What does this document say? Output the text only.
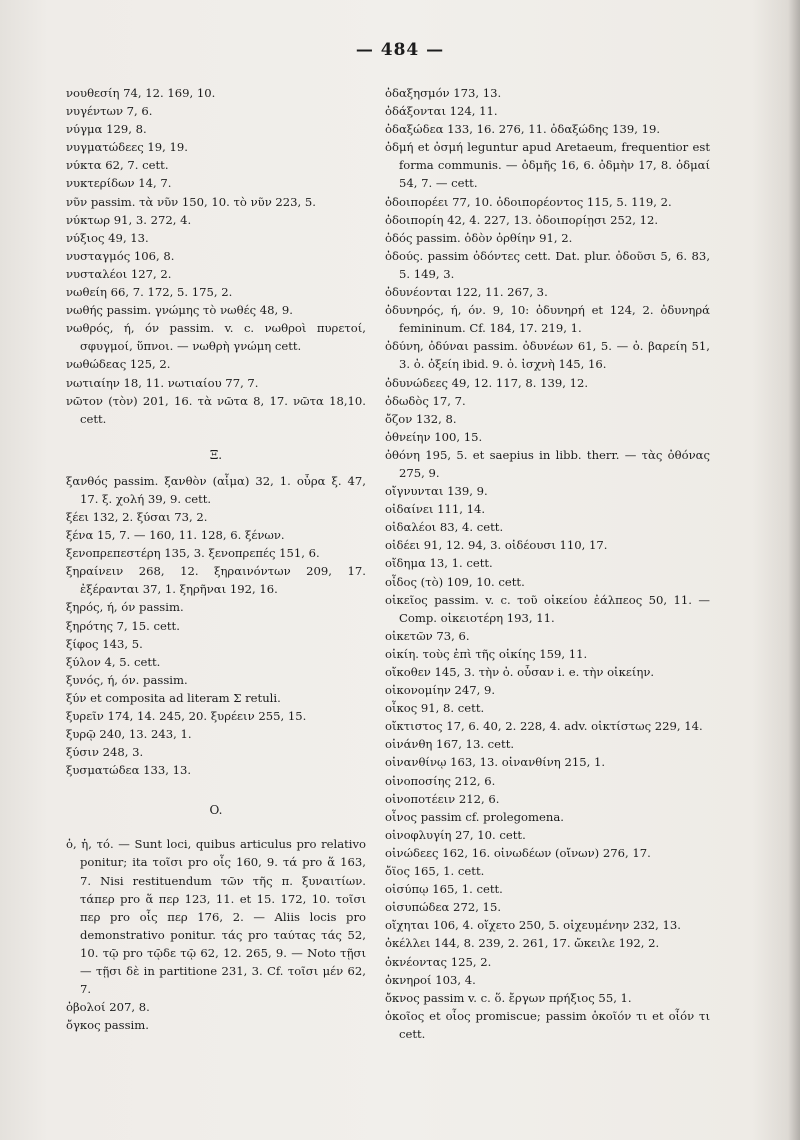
— 484 —

νουθεσίη 74, 12. 169, 10.

νυγέντων 7, 6.

νύγμα 129, 8.

νυγματώδεες 19, 19.

νύκτα 62, 7. cett.

νυκτερίδων 14, 7.

νῦν passim. τὰ νῦν 150, 10. τὸ νῦν 223, 5.

νύκτωρ 91, 3. 272, 4.

νύξιος 49, 13.

νυσταγμός 106, 8.

νυσταλέοι 127, 2.

νωθείη 66, 7. 172, 5. 175, 2.

νωθής passim. γνώμης τὸ νωθές 48, 9.

νωθρός, ή, όν passim. v. c. νωθροὶ πυρετοί, σφυγμοί, ὕπνοι. — νωθρὴ γνώμη cett.

νωθώδεας 125, 2.

νωτιαίην 18, 11. νωτιαίου 77, 7.

νῶτον (τὸν) 201, 16. τὰ νῶτα 8, 17. νῶτα 18,10. cett.

Ξ.

ξανθός passim. ξανθὸν (αἷμα) 32, 1. οὖρα ξ. 47, 17. ξ. χολή 39, 9. cett.

ξέει 132, 2. ξύσαι 73, 2.

ξένα 15, 7. — 160, 11. 128, 6. ξένων.

ξενοπρεπεστέρη 135, 3. ξενοπρεπές 151, 6.

ξηραίνειν 268, 12. ξηραινόντων 209, 17. ἐξέρανται 37, 1. ξηρῆναι 192, 16.

ξηρός, ή, όν passim.

ξηρότης 7, 15. cett.

ξίφος 143, 5.

ξύλον 4, 5. cett.

ξυνός, ή, όν. passim.

ξύν et composita ad literam Σ retuli.

ξυρεῖν 174, 14. 245, 20. ξυρέειν 255, 15.

ξυρῷ 240, 13. 243, 1.

ξύσιν 248, 3.

ξυσματώδεα 133, 13.

O.

ὁ, ἡ, τό. — Sunt loci, quibus articulus pro relativo ponitur; ita τοῖσι pro οἷς 160, 9. τά pro ἅ 163, 7. Nisi restituendum τῶν τῆς π. ξυναιτίων. τάπερ pro ἅ περ 123, 11. et 15. 172, 10. τοῖσι περ pro οἷς περ 176, 2. — Aliis locis pro demonstrativo ponitur. τάς pro ταύτας τάς 52, 10. τῷ pro τῷδε τῷ 62, 12. 265, 9. — Noto τῇσι — τῇσι δὲ in partitione 231, 3. Cf. τοῖσι μέν 62, 7.

ὀβολοί 207, 8.

ὄγκος passim.

ὀδαξησμόν 173, 13.

ὀδάξονται 124, 11.

ὀδαξώδεα 133, 16. 276, 11. ὀδαξώδης 139, 19.

ὀδμή et ὀσμή leguntur apud Aretaeum, frequentior est forma communis. — ὀδμῆς 16, 6. ὀδμὴν 17, 8. ὀδμαί 54, 7. — cett.

ὀδοιπορέει 77, 10. ὀδοιπορέοντος 115, 5. 119, 2.

ὀδοιπορίη 42, 4. 227, 13. ὀδοιπορίῃσι 252, 12.

ὁδός passim. ὁδὸν ὀρθίην 91, 2.

ὀδούς. passim ὀδόντες cett. Dat. plur. ὀδοῦσι 5, 6. 83, 5. 149, 3.

ὀδυνέονται 122, 11. 267, 3.

ὀδυνηρός, ή, όν. 9, 10: ὀδυνηρή et 124, 2. ὀδυνηρά femininum. Cf. 184, 17. 219, 1.

ὀδύνη, ὀδύναι passim. ὀδυνέων 61, 5. — ὀ. βαρείη 51, 3. ὀ. ὀξείη ibid. 9. ὀ. ἰσχνὴ 145, 16.

ὀδυνώδεες 49, 12. 117, 8. 139, 12.

ὀδωδὸς 17, 7.

ὄζον 132, 8.

ὀθνείην 100, 15.

ὀθόνη 195, 5. et saepius in libb. therr. — τὰς ὀθόνας 275, 9.

οἴγνυνται 139, 9.

οἰδαίνει 111, 14.

οἰδαλέοι 83, 4. cett.

οἰδέει 91, 12. 94, 3. οἰδέουσι 110, 17.

οἴδημα 13, 1. cett.

οἶδος (τὸ) 109, 10. cett.

οἰκεῖος passim. v. c. τοῦ οἰκείου ἐάλπεος 50, 11. — Comp. οἰκειοτέρη 193, 11.

οἰκετῶν 73, 6.

οἰκίη. τοὺς ἐπὶ τῆς οἰκίης 159, 11.

οἴκοθεν 145, 3. τὴν ὀ. οὖσαν i. e. τὴν οἰκείην.

οἰκονομίην 247, 9.

οἶκος 91, 8. cett.

οἴκτιστος 17, 6. 40, 2. 228, 4. adv. οἰκτίστως 229, 14.

οἰνάνθη 167, 13. cett.

οἰνανθίνῳ 163, 13. οἰνανθίνη 215, 1.

οἰνοποσίης 212, 6.

οἰνοποτέειν 212, 6.

οἶνος passim cf. prolegomena.

οἰνοφλυγίη 27, 10. cett.

οἰνώδεες 162, 16. οἰνωδέων (οἴνων) 276, 17.

ὄϊος 165, 1. cett.

οἰσύπῳ 165, 1. cett.

οἰσυπώδεα 272, 15.

οἴχηται 106, 4. οἴχετο 250, 5. οἰχευμένην 232, 13.

ὀκέλλει 144, 8. 239, 2. 261, 17. ὤκειλε 192, 2.

ὀκνέοντας 125, 2.

ὀκνηροί 103, 4.

ὄκνος passim v. c. ὅ. ἔργων πρήξιος 55, 1.

ὁκοῖος et οἷος promiscue; passim ὁκοῖόν τι et οἷόν τι cett.
